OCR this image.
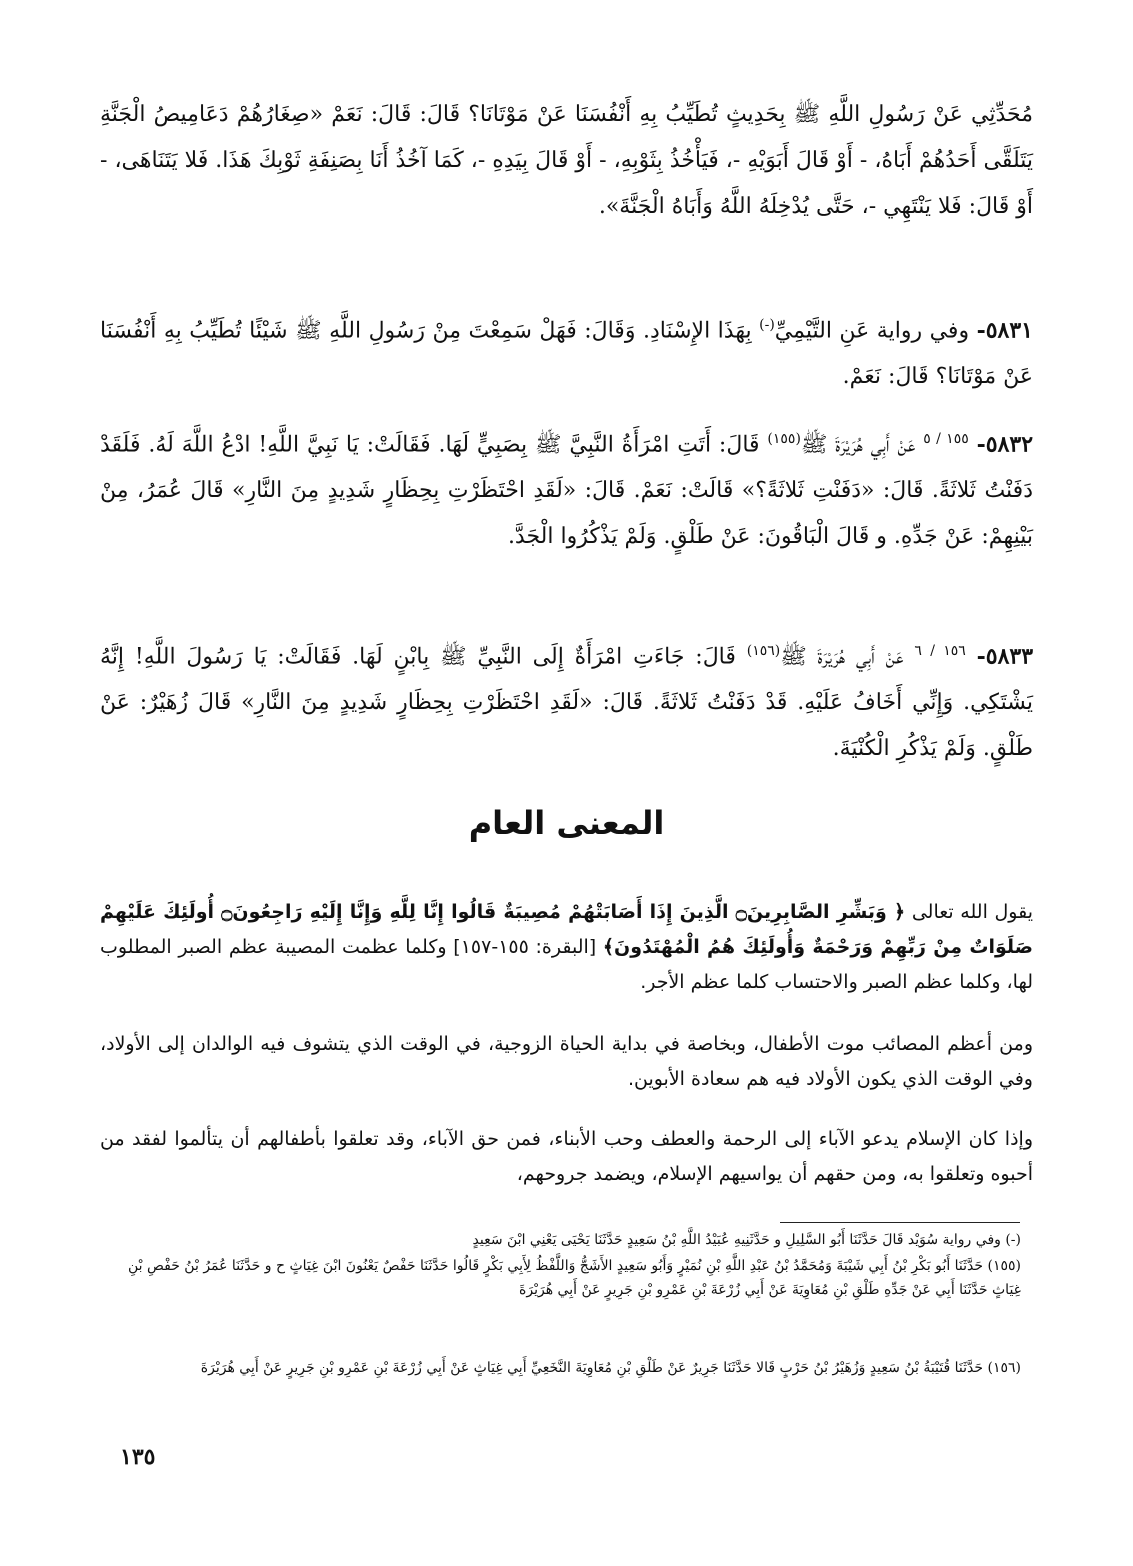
مُحَدِّثِي عَنْ رَسُولِ اللَّهِ ﷺ بِحَدِيثٍ تُطَيِّبُ بِهِ أَنْفُسَنَا عَنْ مَوْتَانَا؟ قَالَ: قَالَ: نَعَمْ «صِغَارُهُمْ دَعَامِيصُ الْجَنَّةِ يَتَلَقَّى أَحَدُهُمْ أَبَاهُ، - أَوْ قَالَ أَبَوَيْهِ -، فَيَأْخُذُ بِثَوْبِهِ، - أَوْ قَالَ بِيَدِهِ -، كَمَا آخُذُ أَنَا بِصَنِفَةِ ثَوْبِكَ هَذَا. فَلا يَتَنَاهَى، - أَوْ قَالَ: فَلا يَنْتَهِي -، حَتَّى يُدْخِلَهُ اللَّهُ وَأَبَاهُ الْجَنَّةَ».
٥٨٣١- وفي رواية عَنِ التَّيْمِيِّ(-) بِهَذَا الإِسْنَادِ. وَقَالَ: فَهَلْ سَمِعْتَ مِنْ رَسُولِ اللَّهِ ﷺ شَيْئًا تُطَيِّبُ بِهِ أَنْفُسَنَا عَنْ مَوْتَانَا؟ قَالَ: نَعَمْ.
٥٨٣٢- $^{١٥٥ / ٥}$ عَنْ أَبِي هُرَيْرَةَ ﷺ$^{(١٥٥)}$ قَالَ: أَتَتِ امْرَأَةُ النَّبِيَّ ﷺ بِصَبِيٍّ لَهَا. فَقَالَتْ: يَا نَبِيَّ اللَّهِ! ادْعُ اللَّهَ لَهُ. فَلَقَدْ دَفَنْتُ ثَلاثَةً. قَالَ: «دَفَنْتِ ثَلاثَةً؟» قَالَتْ: نَعَمْ. قَالَ: «لَقَدِ احْتَظَرْتِ بِحِظَارٍ شَدِيدٍ مِنَ النَّارِ» قَالَ عُمَرُ، مِنْ بَيْنِهِمْ: عَنْ جَدِّهِ. و قَالَ الْبَاقُونَ: عَنْ طَلْقٍ. وَلَمْ يَذْكُرُوا الْجَدَّ.
٥٨٣٣- $^{١٥٦ / ٦}$ عَنْ أَبِي هُرَيْرَةَ ﷺ$^{(١٥٦)}$ قَالَ: جَاءَتِ امْرَأَةٌ إِلَى النَّبِيِّ ﷺ بِابْنٍ لَهَا. فَقَالَتْ: يَا رَسُولَ اللَّهِ! إِنَّهُ يَشْتَكِي. وَإِنِّي أَخَافُ عَلَيْهِ. قَدْ دَفَنْتُ ثَلاثَةً. قَالَ: «لَقَدِ احْتَظَرْتِ بِحِظَارٍ شَدِيدٍ مِنَ النَّارِ» قَالَ زُهَيْرٌ: عَنْ طَلْقٍ. وَلَمْ يَذْكُرِ الْكُنْيَةَ.
المعنى العام
يقول الله تعالى ﴿ وَبَشِّرِ الصَّابِرِينَ۝ الَّذِينَ إِذَا أَصَابَتْهُمْ مُصِيبَةٌ قَالُوا إِنَّا لِلَّهِ وَإِنَّا إِلَيْهِ رَاجِعُونَ۝ أُولَئِكَ عَلَيْهِمْ صَلَوَاتٌ مِنْ رَبِّهِمْ وَرَحْمَةٌ وَأُولَئِكَ هُمُ الْمُهْتَدُونَ﴾ [البقرة: ١٥٥-١٥٧] وكلما عظمت المصيبة عظم الصبر المطلوب لها، وكلما عظم الصبر والاحتساب كلما عظم الأجر.
ومن أعظم المصائب موت الأطفال، وبخاصة في بداية الحياة الزوجية، في الوقت الذي يتشوف فيه الوالدان إلى الأولاد، وفي الوقت الذي يكون الأولاد فيه هم سعادة الأبوين.
وإذا كان الإسلام يدعو الآباء إلى الرحمة والعطف وحب الأبناء، فمن حق الآباء، وقد تعلقوا بأطفالهم أن يتألموا لفقد من أحبوه وتعلقوا به، ومن حقهم أن يواسيهم الإسلام، ويضمد جروحهم،
(-) وفي رواية سُوَيْد قَالَ حَدَّثَنَا أَبُو السَّلِيلِ و حَدَّثَنِيهِ عُبَيْدُ اللَّهِ بْنُ سَعِيدٍ حَدَّثَنَا يَحْيَى يَعْنِي ابْنَ سَعِيدٍ
(١٥٥) حَدَّثَنَا أَبُو بَكْرِ بْنُ أَبِي شَيْبَةَ وَمُحَمَّدُ بْنُ عَبْدِ اللَّهِ بْنِ نُمَيْرٍ وَأَبُو سَعِيدٍ الأَشَجُّ وَاللَّفْظُ لِأَبِي بَكْرٍ قَالُوا حَدَّثَنَا حَفْصٌ يَعْنُونَ ابْنَ غِيَاثٍ ح و حَدَّثَنَا عُمَرُ بْنُ حَفْصِ بْنِ غِيَاثٍ حَدَّثَنَا أَبِي عَنْ جَدِّهِ طَلْقِ بْنِ مُعَاوِيَةَ عَنْ أَبِي زُرْعَةَ بْنِ عَمْرِو بْنِ جَرِيرٍ عَنْ أَبِي هُرَيْرَةَ
(١٥٦) حَدَّثَنَا قُتَيْبَةُ بْنُ سَعِيدٍ وَزُهَيْرُ بْنُ حَرْبٍ قَالا حَدَّثَنَا جَرِيرٌ عَنْ طَلْقِ بْنِ مُعَاوِيَةَ النَّخَعِيِّ أَبِي غِيَاثٍ عَنْ أَبِي زُرْعَةَ بْنِ عَمْرِو بْنِ جَرِيرٍ عَنْ أَبِي هُرَيْرَةَ
١٣٥
